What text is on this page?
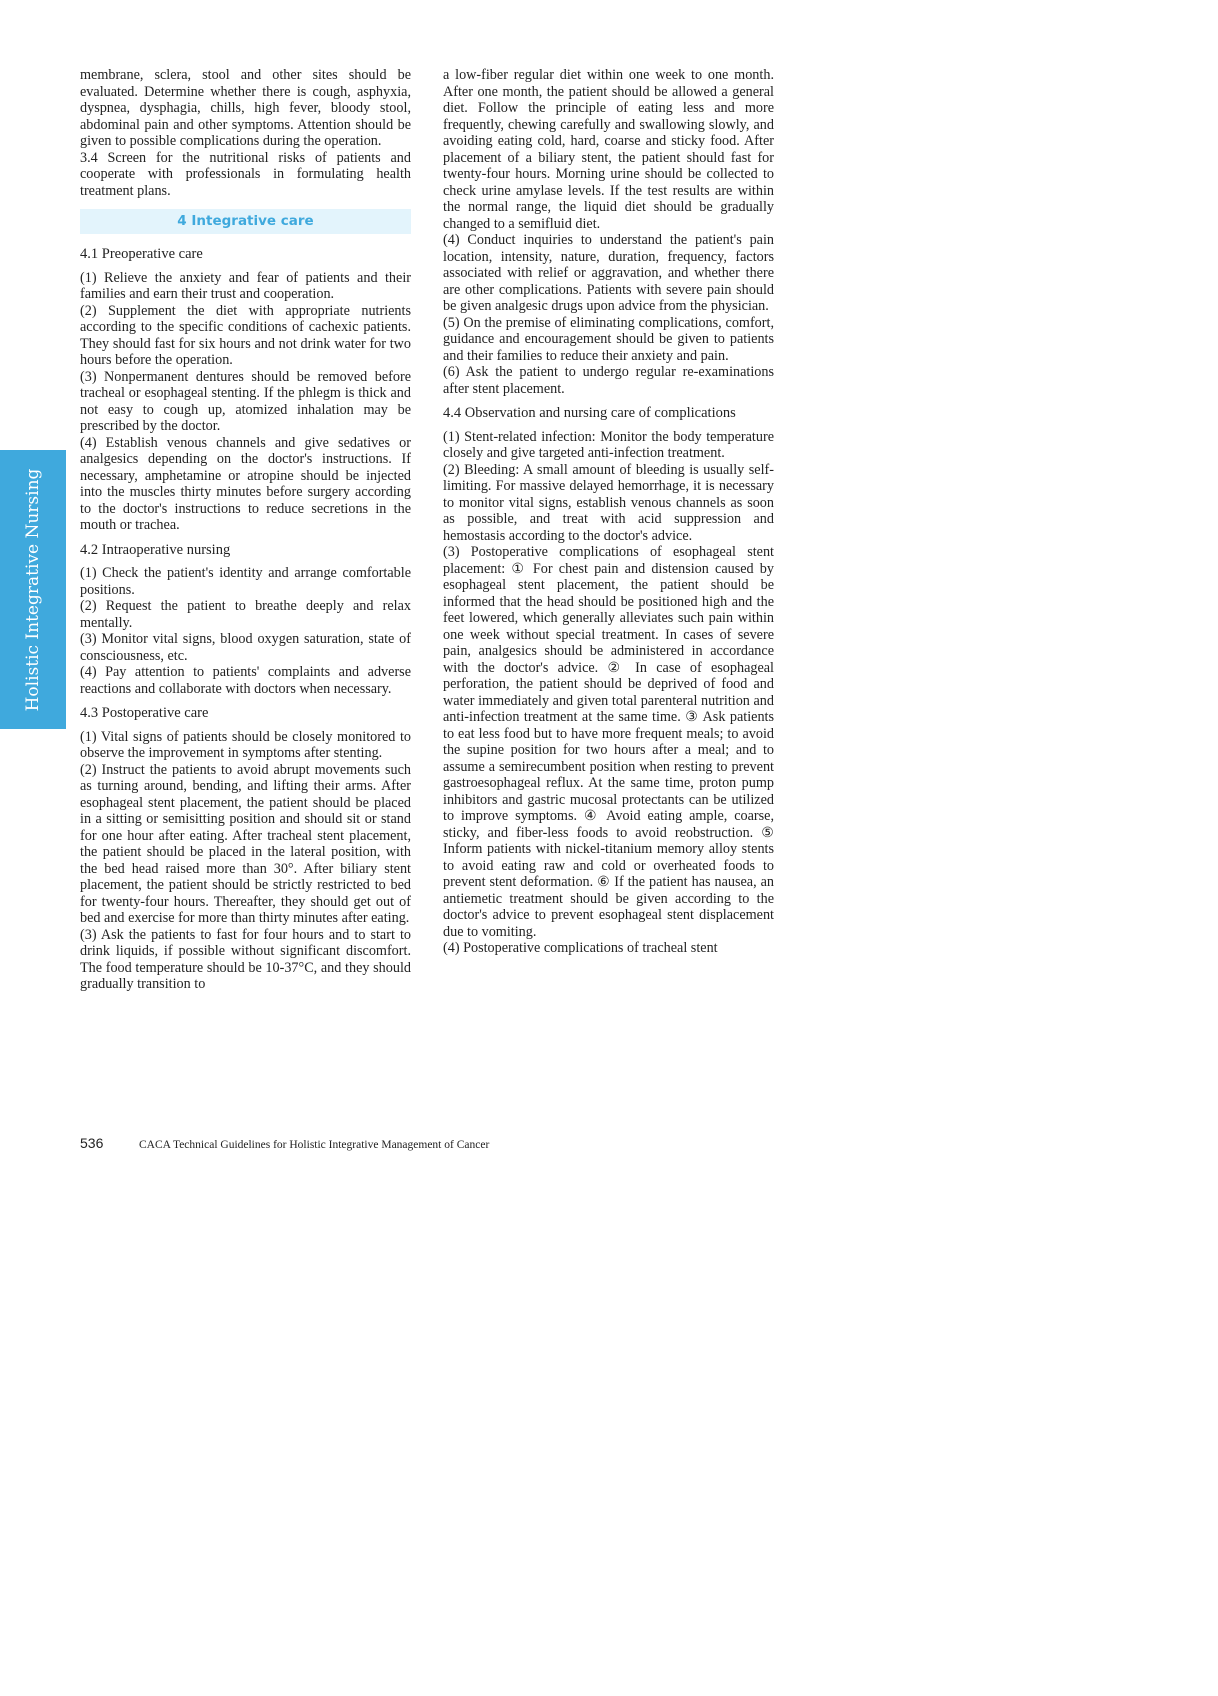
Holistic Integrative Nursing

membrane, sclera, stool and other sites should be evaluated. Determine whether there is cough, asphyxia, dyspnea, dysphagia, chills, high fever, bloody stool, abdominal pain and other symptoms. Attention should be given to possible complications during the operation.

3.4 Screen for the nutritional risks of patients and cooperate with professionals in formulating health treatment plans.

4 Integrative care

4.1 Preoperative care

(1) Relieve the anxiety and fear of patients and their families and earn their trust and cooperation.

(2) Supplement the diet with appropriate nutrients according to the specific conditions of cachexic patients. They should fast for six hours and not drink water for two hours before the operation.

(3) Nonpermanent dentures should be removed before tracheal or esophageal stenting. If the phlegm is thick and not easy to cough up, atomized inhalation may be prescribed by the doctor.

(4) Establish venous channels and give sedatives or analgesics depending on the doctor's instructions. If necessary, amphetamine or atropine should be injected into the muscles thirty minutes before surgery according to the doctor's instructions to reduce secretions in the mouth or trachea.

4.2 Intraoperative nursing

(1) Check the patient's identity and arrange comfortable positions.

(2) Request the patient to breathe deeply and relax mentally.

(3) Monitor vital signs, blood oxygen saturation, state of consciousness, etc.

(4) Pay attention to patients' complaints and adverse reactions and collaborate with doctors when necessary.

4.3 Postoperative care

(1) Vital signs of patients should be closely monitored to observe the improvement in symptoms after stenting.

(2) Instruct the patients to avoid abrupt movements such as turning around, bending, and lifting their arms. After esophageal stent placement, the patient should be placed in a sitting or semisitting position and should sit or stand for one hour after eating. After tracheal stent placement, the patient should be placed in the lateral position, with the bed head raised more than 30°. After biliary stent placement, the patient should be strictly restricted to bed for twenty-four hours. Thereafter, they should get out of bed and exercise for more than thirty minutes after eating.

(3) Ask the patients to fast for four hours and to start to drink liquids, if possible without significant discomfort. The food temperature should be 10-37°C, and they should gradually transition to

a low-fiber regular diet within one week to one month. After one month, the patient should be allowed a general diet. Follow the principle of eating less and more frequently, chewing carefully and swallowing slowly, and avoiding eating cold, hard, coarse and sticky food. After placement of a biliary stent, the patient should fast for twenty-four hours. Morning urine should be collected to check urine amylase levels. If the test results are within the normal range, the liquid diet should be gradually changed to a semifluid diet.

(4) Conduct inquiries to understand the patient's pain location, intensity, nature, duration, frequency, factors associated with relief or aggravation, and whether there are other complications. Patients with severe pain should be given analgesic drugs upon advice from the physician.

(5) On the premise of eliminating complications, comfort, guidance and encouragement should be given to patients and their families to reduce their anxiety and pain.

(6) Ask the patient to undergo regular re-examinations after stent placement.

4.4 Observation and nursing care of complications

(1) Stent-related infection: Monitor the body temperature closely and give targeted anti-infection treatment.

(2) Bleeding: A small amount of bleeding is usually self-limiting. For massive delayed hemorrhage, it is necessary to monitor vital signs, establish venous channels as soon as possible, and treat with acid suppression and hemostasis according to the doctor's advice.

(3) Postoperative complications of esophageal stent placement: ① For chest pain and distension caused by esophageal stent placement, the patient should be informed that the head should be positioned high and the feet lowered, which generally alleviates such pain within one week without special treatment. In cases of severe pain, analgesics should be administered in accordance with the doctor's advice. ② In case of esophageal perforation, the patient should be deprived of food and water immediately and given total parenteral nutrition and anti-infection treatment at the same time. ③ Ask patients to eat less food but to have more frequent meals; to avoid the supine position for two hours after a meal; and to assume a semirecumbent position when resting to prevent gastroesophageal reflux. At the same time, proton pump inhibitors and gastric mucosal protectants can be utilized to improve symptoms. ④ Avoid eating ample, coarse, sticky, and fiber-less foods to avoid reobstruction. ⑤ Inform patients with nickel-titanium memory alloy stents to avoid eating raw and cold or overheated foods to prevent stent deformation. ⑥ If the patient has nausea, an antiemetic treatment should be given according to the doctor's advice to prevent esophageal stent displacement due to vomiting.

(4) Postoperative complications of tracheal stent

536	CACA Technical Guidelines for Holistic Integrative Management of Cancer
